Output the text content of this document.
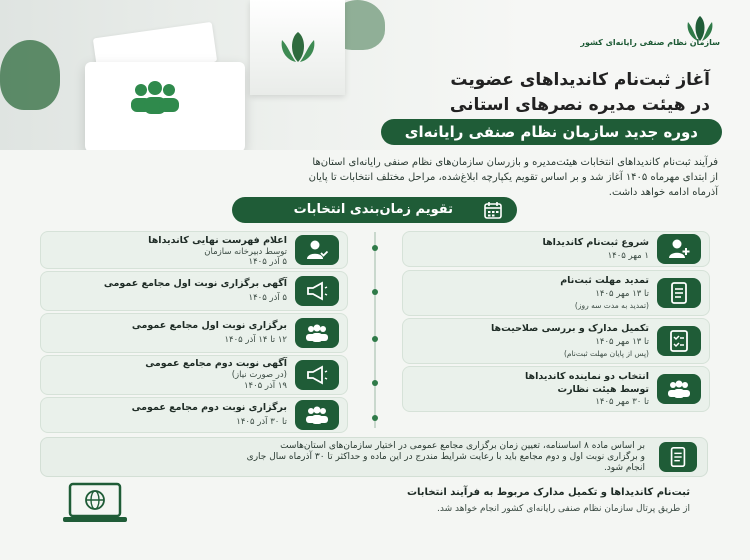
سازمان نظام صنفی رایانه‌ای کشور
آغاز ثبت‌نام کاندیداهای عضویت
در هیئت مدیره نصرهای استانی
دوره جدید سازمان نظام صنفی رایانه‌ای

فرآیند ثبت‌نام کاندیداهای انتخابات هیئت‌مدیره و بازرسان سازمان‌های نظام صنفی رایانه‌ای استان‌ها

از ابتدای مهرماه ۱۴۰۵ آغاز شد و بر اساس تقویم یکپارچه ابلاغ‌شده، مراحل مختلف انتخابات تا پایان

آذرماه ادامه خواهد داشت.

تقویم زمان‌بندی انتخابات
شروع ثبت‌نام کاندیداها
۱ مهر ۱۴۰۵
تمدید مهلت ثبت‌نام
تا ۱۳ مهر ۱۴۰۵
(تمدید به مدت سه روز)
تکمیل مدارک و بررسی صلاحیت‌ها
تا ۱۳ مهر ۱۴۰۵
(پس از پایان مهلت ثبت‌نام)
انتخاب دو نماینده کاندیداها
توسط هیئت نظارت
تا ۳۰ مهر ۱۴۰۵
اعلام فهرست نهایی کاندیداها
توسط دبیرخانه سازمان
۵ آذر ۱۴۰۵
آگهی برگزاری نوبت اول مجامع عمومی
۵ آذر ۱۴۰۵
برگزاری نوبت اول مجامع عمومی
۱۲ تا ۱۴ آذر ۱۴۰۵
آگهی نوبت دوم مجامع عمومی
(در صورت نیاز)
۱۹ آذر ۱۴۰۵
برگزاری نوبت دوم مجامع عمومی
تا ۳۰ آذر ۱۴۰۵

بر اساس ماده ۸ اساسنامه، تعیین زمان برگزاری مجامع عمومی در اختیار سازمان‌های استان‌هاست

و برگزاری نوبت اول و دوم مجامع باید با رعایت شرایط مندرج در این ماده و حداکثر تا ۳۰ آذرماه سال جاری

انجام شود.

ثبت‌نام کاندیداها و تکمیل مدارک مربوط به فرآیند انتخابات
از طریق پرتال سازمان نظام صنفی رایانه‌ای کشور انجام خواهد شد.
